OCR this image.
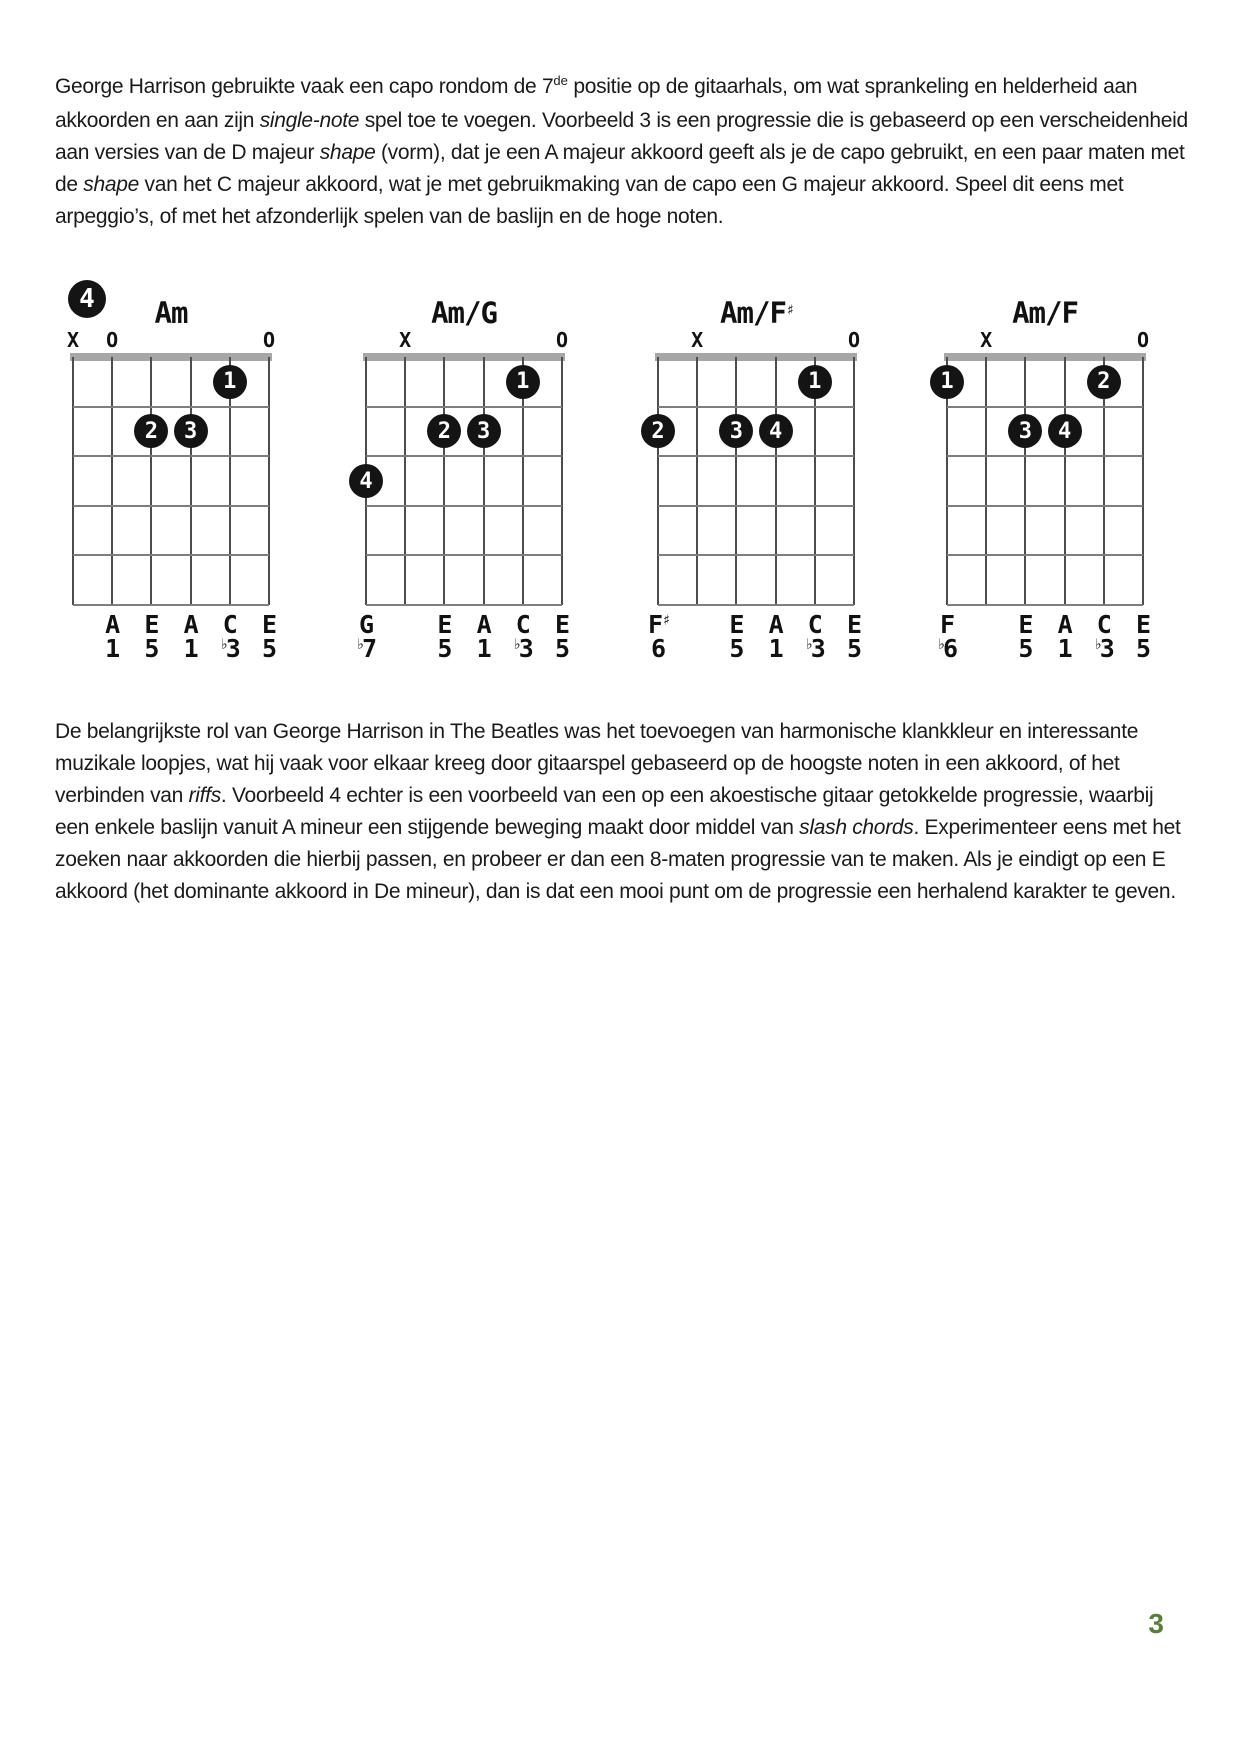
George Harrison gebruikte vaak een capo rondom de 7de positie op de gitaarhals, om wat sprankeling en helderheid aan akkoorden en aan zijn single-note spel toe te voegen. Voorbeeld 3 is een progressie die is gebaseerd op een verscheidenheid aan versies van de D majeur shape (vorm), dat je een A majeur akkoord geeft als je de capo gebruikt, en een paar maten met de shape van het C majeur akkoord, wat je met gebruikmaking van de capo een G majeur akkoord. Speel dit eens met arpeggio’s, of met het afzonderlijk spelen van de baslijn en de hoge noten.

4	Am
X O	O
1
2	3
A E A C E
1 5 1 ♭3 5
Am/G
X	O
1
2	3
4
G	E A C E
♭7 5 1 ♭3 5
Am/F♯
X	O
1
2	3	4
F♯ E A C E
6	5 1 ♭3 5
Am/F
X	O
1	2
3	4
F	E A C E
♭6 5 1 ♭3 5

De belangrijkste rol van George Harrison in The Beatles was het toevoegen van harmonische klankkleur en interessante muzikale loopjes, wat hij vaak voor elkaar kreeg door gitaarspel gebaseerd op de hoogste noten in een akkoord, of het verbinden van riffs. Voorbeeld 4 echter is een voorbeeld van een op een akoestische gitaar getokkelde progressie, waarbij een enkele baslijn vanuit A mineur een stijgende beweging maakt door middel van slash chords. Experimenteer eens met het zoeken naar akkoorden die hierbij passen, en probeer er dan een 8-maten progressie van te maken. Als je eindigt op een E akkoord (het dominante akkoord in De mineur), dan is dat een mooi punt om de progressie een herhalend karakter te geven.

3
